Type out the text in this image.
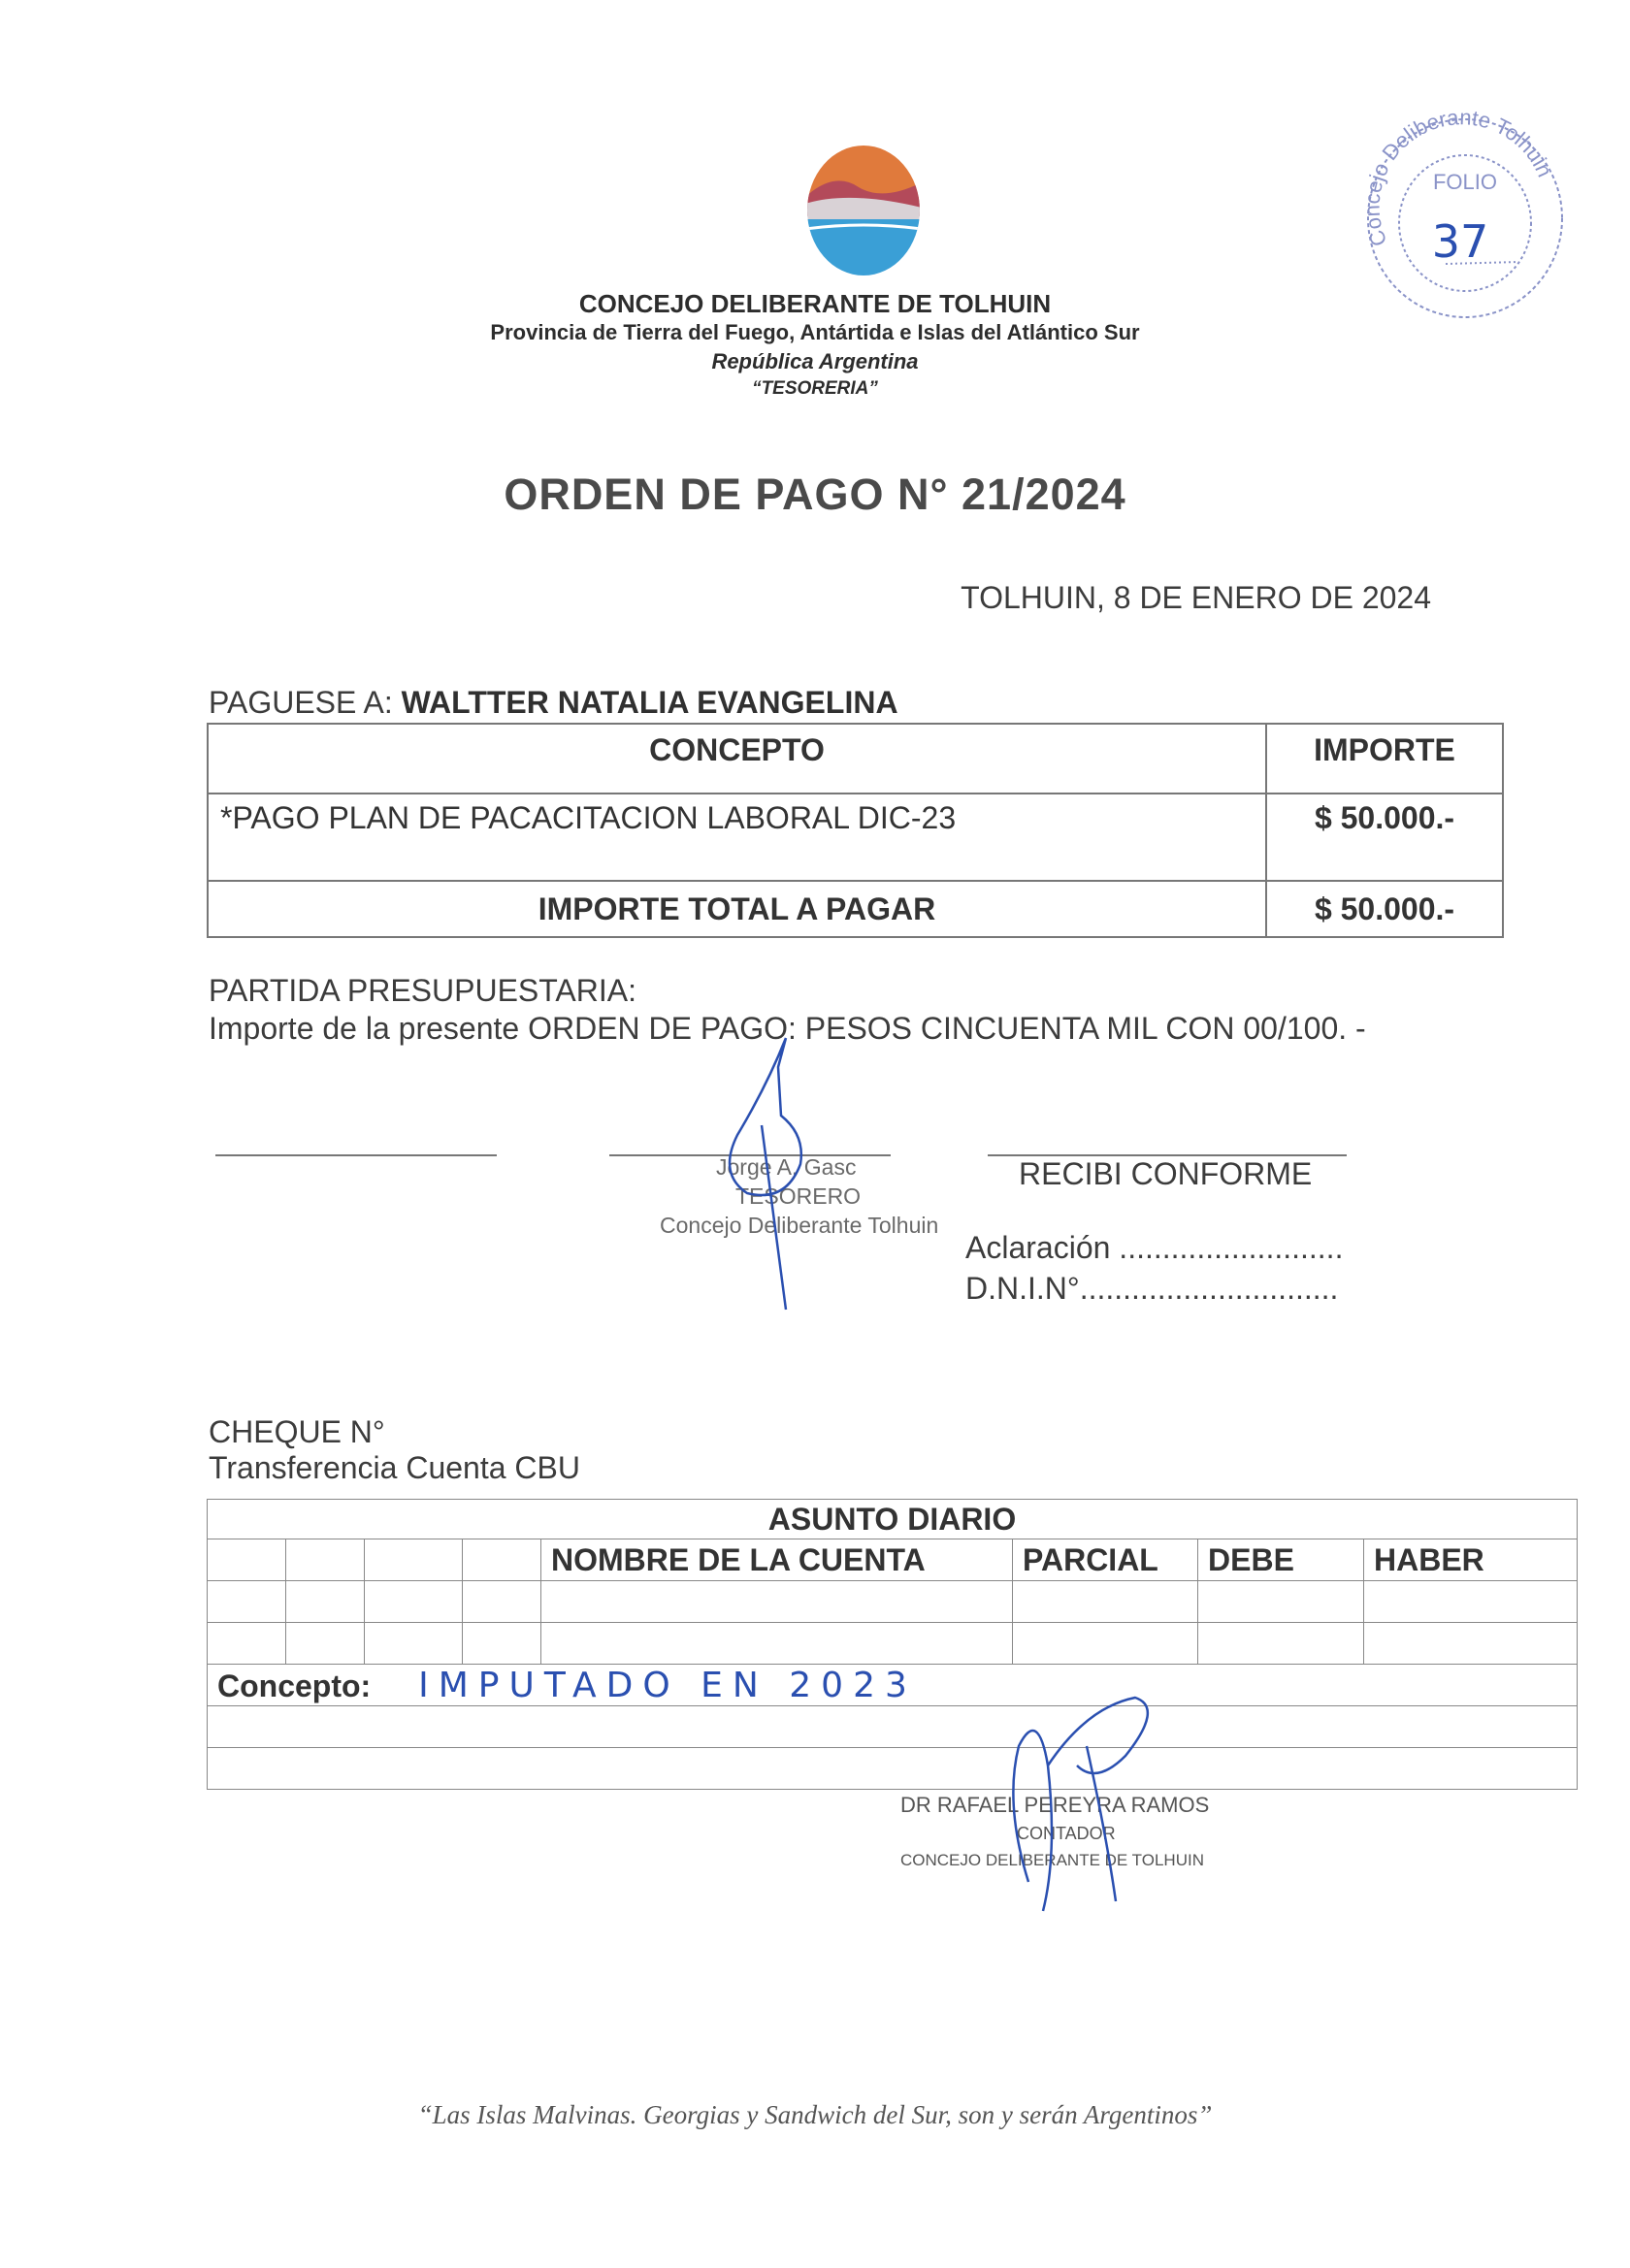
CONCEJO DELIBERANTE DE TOLHUIN
Provincia de Tierra del Fuego, Antártida e Islas del Atlántico Sur
República Argentina
“TESORERIA”
Concejo Deliberante Tolhuin
FOLIO
37
ORDEN DE PAGO N° 21/2024
TOLHUIN, 8 DE ENERO DE 2024
PAGUESE A: WALTTER NATALIA EVANGELINA
CONCEPTO	IMPORTE
*PAGO PLAN DE PACACITACION LABORAL DIC-23	$ 50.000.-
IMPORTE TOTAL A PAGAR	$ 50.000.-
PARTIDA PRESUPUESTARIA:
Importe de la presente ORDEN DE PAGO: PESOS CINCUENTA MIL CON 00/100. -
Jorge A. Gasc
TESORERO
Concejo Deliberante Tolhuin
RECIBI CONFORME
Aclaración ..........................
D.N.I.N°..............................
CHEQUE N°
Transferencia Cuenta CBU
ASUNTO DIARIO							
				NOMBRE DE LA CUENTA	PARCIAL	DEBE	HABER

Concepto: IMPUTADO EN 2023							

DR RAFAEL PEREYRA RAMOS
CONTADOR
CONCEJO DELIBERANTE DE TOLHUIN
“Las Islas Malvinas. Georgias y Sandwich del Sur, son y serán Argentinos”
